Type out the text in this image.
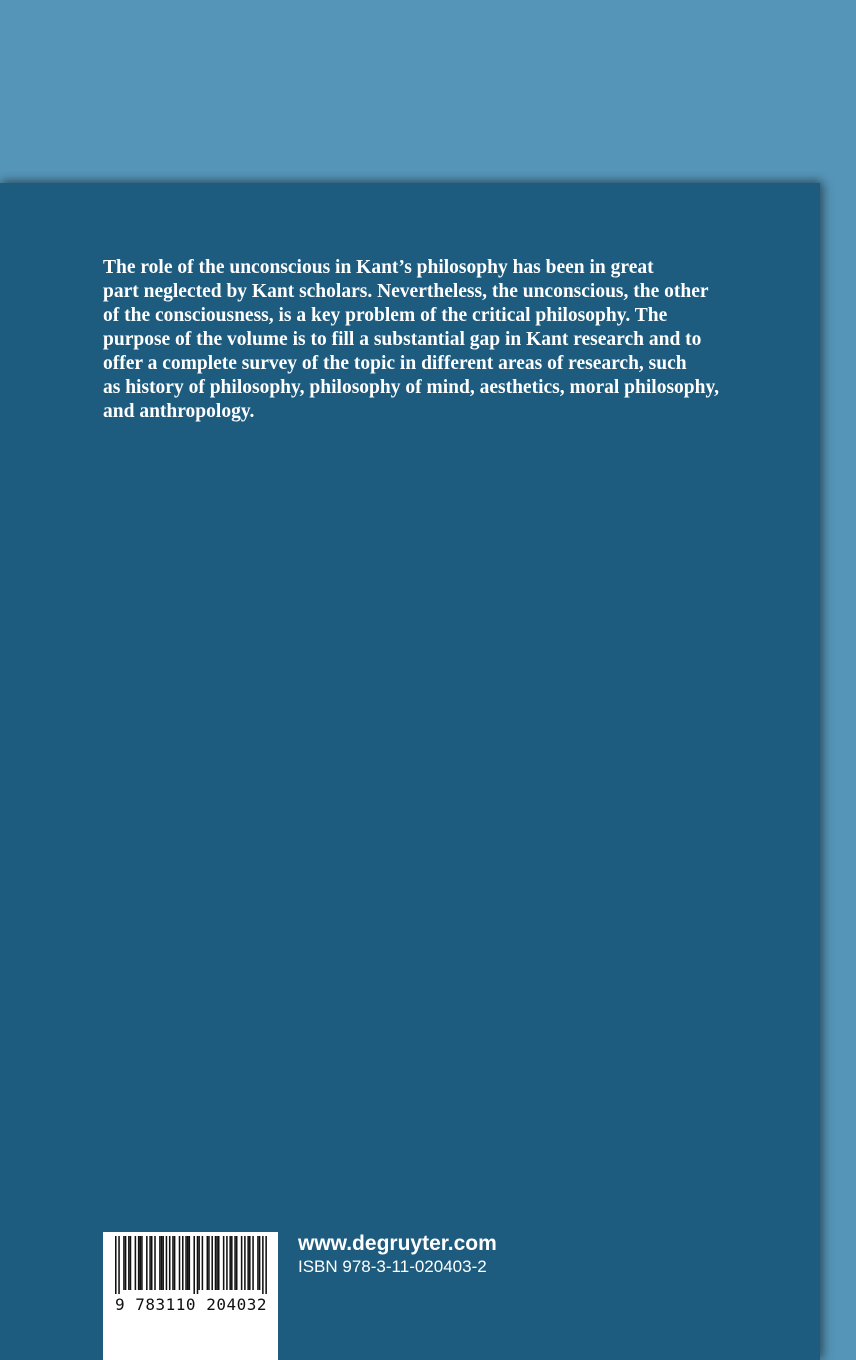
The role of the unconscious in Kant’s philosophy has been in great
part neglected by Kant scholars. Nevertheless, the unconscious, the other
of the consciousness, is a key problem of the critical philosophy. The
purpose of the volume is to fill a substantial gap in Kant research and to
offer a complete survey of the topic in different areas of research, such
as history of philosophy, philosophy of mind, aesthetics, moral philosophy,
and anthropology.

9 783110 204032
www.degruyter.com
ISBN 978-3-11-020403-2
